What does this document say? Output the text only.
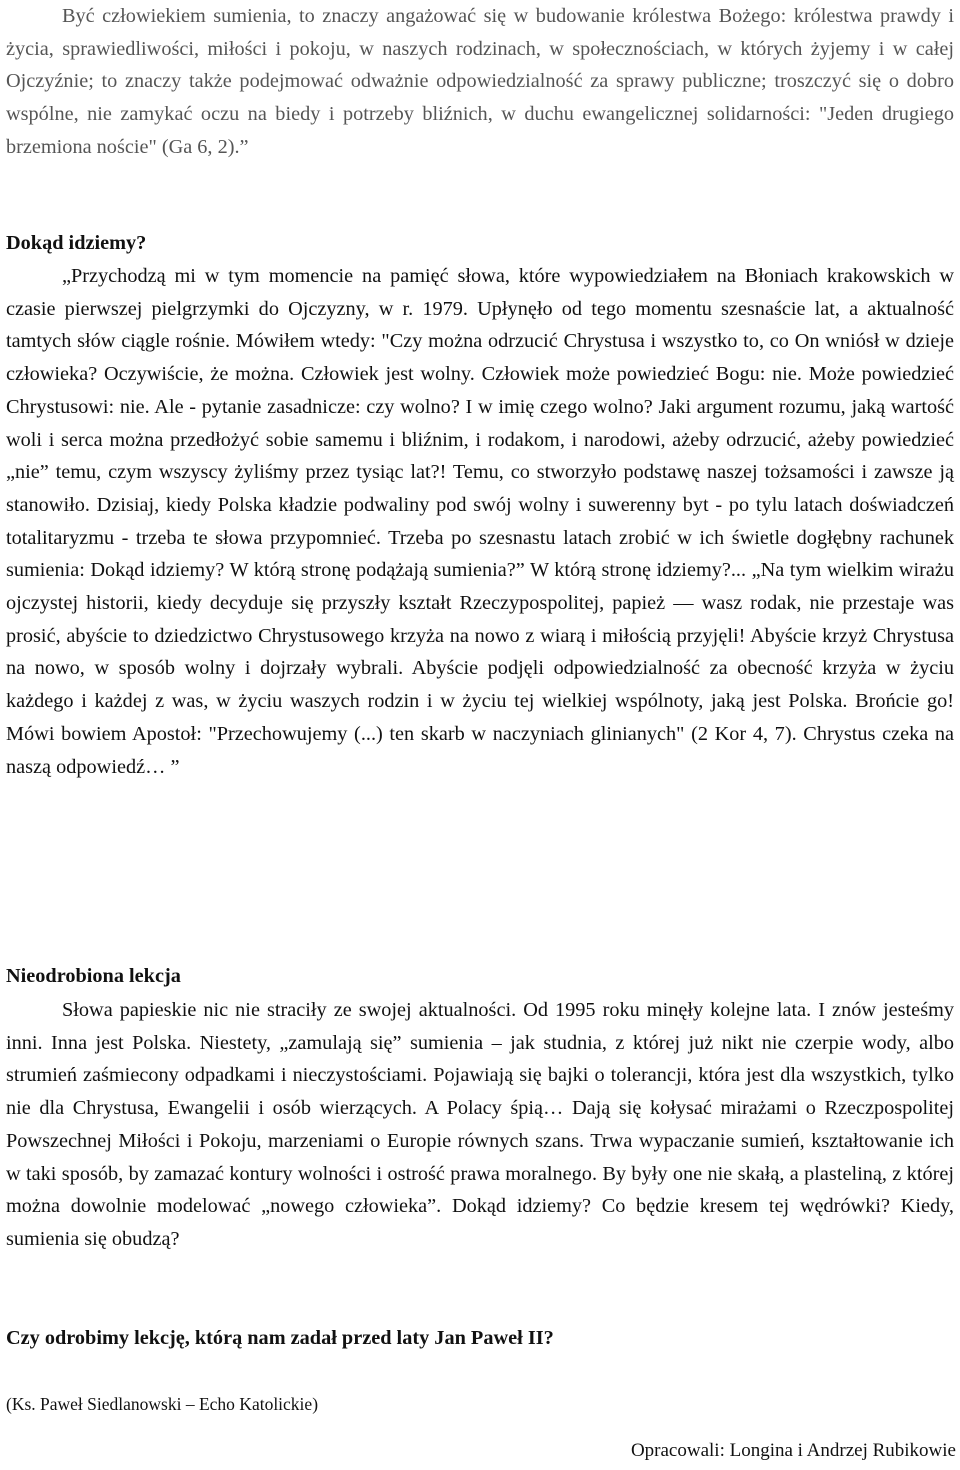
Być człowiekiem sumienia, to znaczy angażować się w budowanie królestwa Bożego: królestwa prawdy i życia, sprawiedliwości, miłości i pokoju, w naszych rodzinach, w społecznościach, w których żyjemy i w całej Ojczyźnie; to znaczy także podejmować odważnie odpowiedzialność za sprawy publiczne; troszczyć się o dobro wspólne, nie zamykać oczu na biedy i potrzeby bliźnich, w duchu ewangelicznej solidarności: "Jeden drugiego brzemiona noście" (Ga 6, 2).”

Dokąd idziemy?

„Przychodzą mi w tym momencie na pamięć słowa, które wypowiedziałem na Błoniach krakowskich w czasie pierwszej pielgrzymki do Ojczyzny, w r. 1979. Upłynęło od tego momentu szesnaście lat, a aktualność tamtych słów ciągle rośnie. Mówiłem wtedy: "Czy można odrzucić Chrystusa i wszystko to, co On wniósł w dzieje człowieka? Oczywiście, że można. Człowiek jest wolny. Człowiek może powiedzieć Bogu: nie. Może powiedzieć Chrystusowi: nie. Ale - pytanie zasadnicze: czy wolno? I w imię czego wolno? Jaki argument rozumu, jaką wartość woli i serca można przedłożyć sobie samemu i bliźnim, i rodakom, i narodowi, ażeby odrzucić, ażeby powiedzieć „nie” temu, czym wszyscy żyliśmy przez tysiąc lat?! Temu, co stworzyło podstawę naszej tożsamości i zawsze ją stanowiło. Dzisiaj, kiedy Polska kładzie podwaliny pod swój wolny i suwerenny byt - po tylu latach doświadczeń totalitaryzmu - trzeba te słowa przypomnieć. Trzeba po szesnastu latach zrobić w ich świetle dogłębny rachunek sumienia: Dokąd idziemy? W którą stronę podążają sumienia?” W którą stronę idziemy?... „Na tym wielkim wirażu ojczystej historii, kiedy decyduje się przyszły kształt Rzeczypospolitej, papież — wasz rodak, nie przestaje was prosić, abyście to dziedzictwo Chrystusowego krzyża na nowo z wiarą i miłością przyjęli! Abyście krzyż Chrystusa na nowo, w sposób wolny i dojrzały wybrali. Abyście podjęli odpowiedzialność za obecność krzyża w życiu każdego i każdej z was, w życiu waszych rodzin i w życiu tej wielkiej wspólnoty, jaką jest Polska. Brońcie go! Mówi bowiem Apostoł: "Przechowujemy (...) ten skarb w naczyniach glinianych" (2 Kor 4, 7). Chrystus czeka na naszą odpowiedź… ”

Nieodrobiona lekcja

Słowa papieskie nic nie straciły ze swojej aktualności. Od 1995 roku minęły kolejne lata. I znów jesteśmy inni. Inna jest Polska. Niestety, „zamulają się” sumienia – jak studnia, z której już nikt nie czerpie wody, albo strumień zaśmiecony odpadkami i nieczystościami. Pojawiają się bajki o tolerancji, która jest dla wszystkich, tylko nie dla Chrystusa, Ewangelii i osób wierzących. A Polacy śpią… Dają się kołysać mirażami o Rzeczpospolitej Powszechnej Miłości i Pokoju, marzeniami o Europie równych szans. Trwa wypaczanie sumień, kształtowanie ich w taki sposób, by zamazać kontury wolności i ostrość prawa moralnego. By były one nie skałą, a plasteliną, z której można dowolnie modelować „nowego człowieka”. Dokąd idziemy? Co będzie kresem tej wędrówki? Kiedy, sumienia się obudzą?

Czy odrobimy lekcję, którą nam zadał przed laty Jan Paweł II?

(Ks. Paweł Siedlanowski – Echo Katolickie)

Opracowali: Longina i Andrzej Rubikowie
